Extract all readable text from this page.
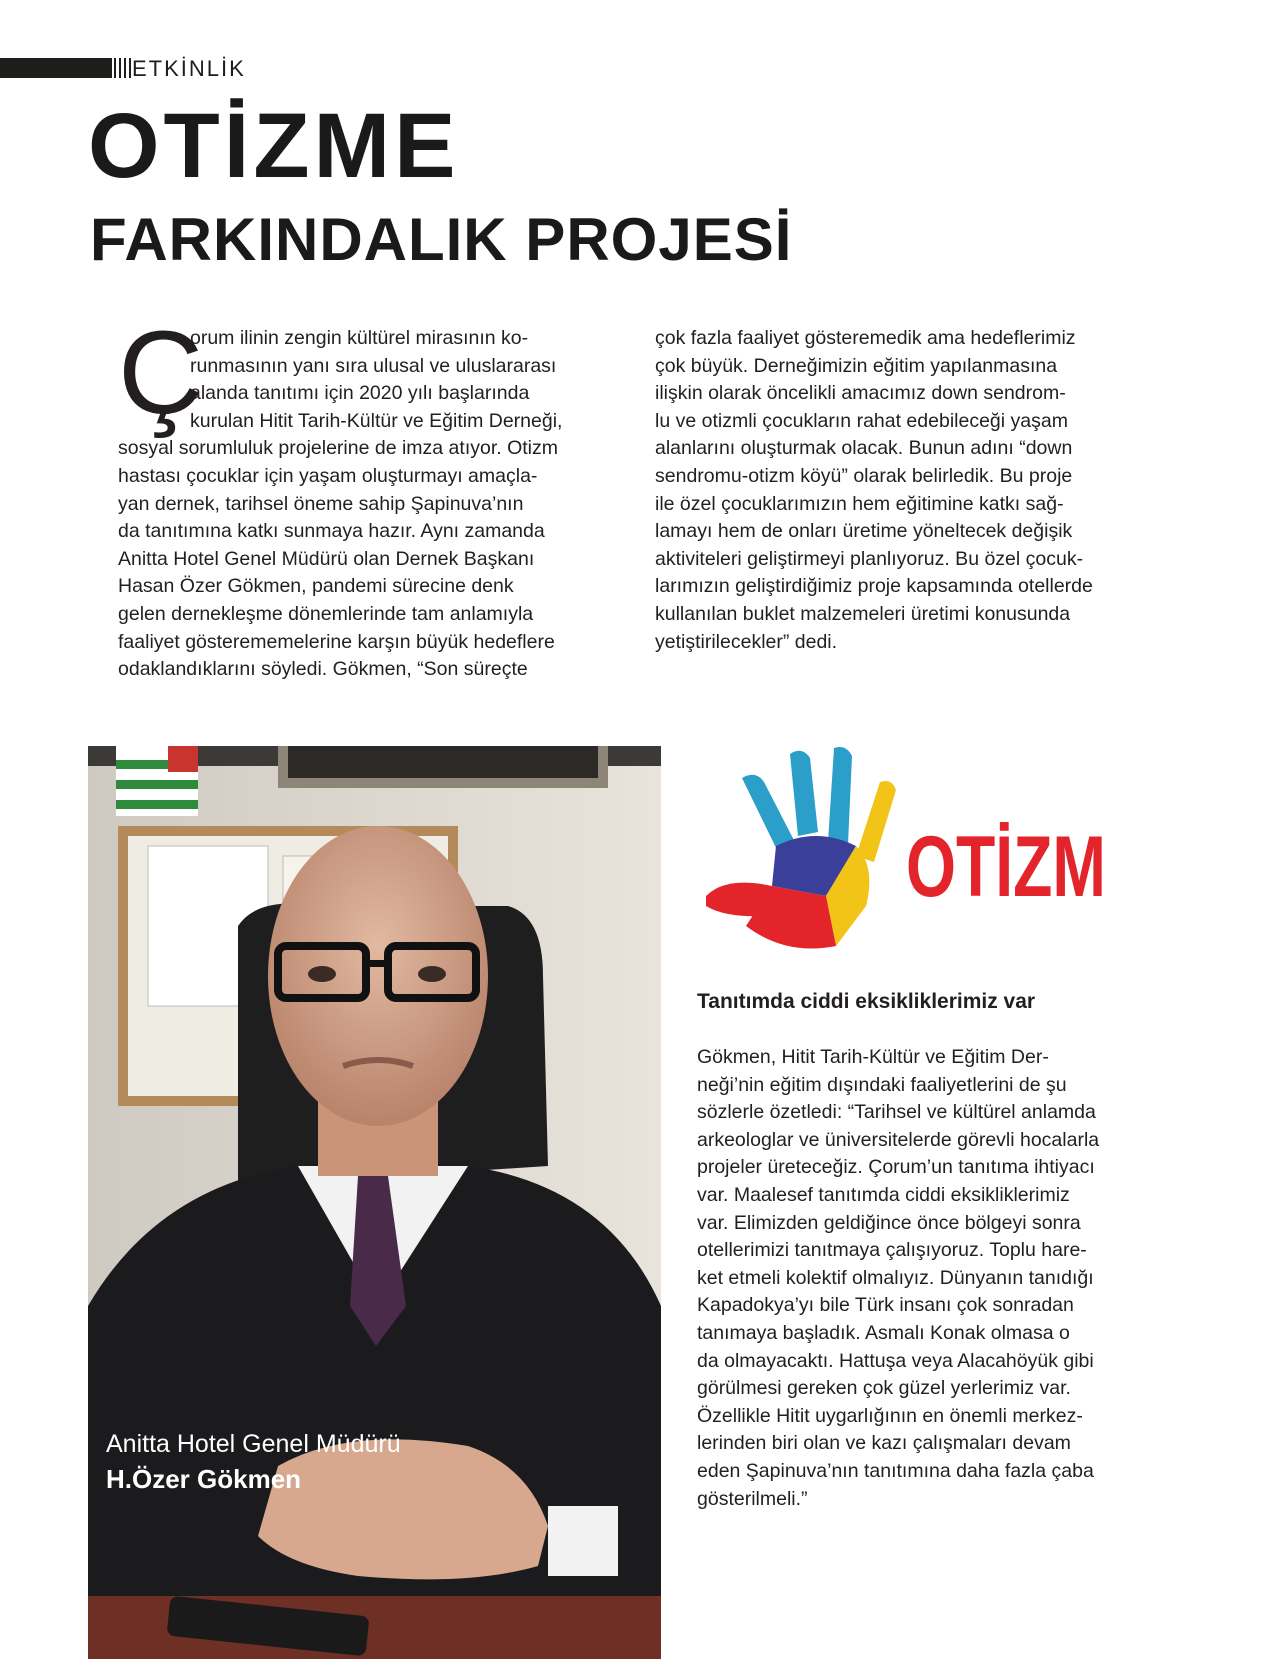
ETKİNLİK
OTİZME
FARKINDALIK PROJESİ
Ç
orum ilinin zengin kültürel mirasının ko-
runmasının yanı sıra ulusal ve uluslararası
alanda tanıtımı için 2020 yılı başlarında
kurulan Hitit Tarih-Kültür ve Eğitim Derneği,
sosyal sorumluluk projelerine de imza atıyor. Otizm
hastası çocuklar için yaşam oluşturmayı amaçla-
yan dernek, tarihsel öneme sahip Şapinuva’nın
da tanıtımına katkı sunmaya hazır. Aynı zamanda
Anitta Hotel Genel Müdürü olan Dernek Başkanı
Hasan Özer Gökmen, pandemi sürecine denk
gelen dernekleşme dönemlerinde tam anlamıyla
faaliyet gösterememelerine karşın büyük hedeflere
odaklandıklarını söyledi. Gökmen, “Son süreçte
çok fazla faaliyet gösteremedik ama hedeflerimiz
çok büyük. Derneğimizin eğitim yapılanmasına
ilişkin olarak öncelikli amacımız down sendrom-
lu ve otizmli çocukların rahat edebileceği yaşam
alanlarını oluşturmak olacak. Bunun adını “down
sendromu-otizm köyü” olarak belirledik. Bu proje
ile özel çocuklarımızın hem eğitimine katkı sağ-
lamayı hem de onları üretime yöneltecek değişik
aktiviteleri geliştirmeyi planlıyoruz. Bu özel çocuk-
larımızın geliştirdiğimiz proje kapsamında otellerde
kullanılan buklet malzemeleri üretimi konusunda
yetiştirilecekler” dedi.
Anitta Hotel Genel Müdürü
H.Özer Gökmen
OTİZM
Tanıtımda ciddi eksikliklerimiz var
Gökmen, Hitit Tarih-Kültür ve Eğitim Der-
neği’nin eğitim dışındaki faaliyetlerini de şu
sözlerle özetledi: “Tarihsel ve kültürel anlamda
arkeologlar ve üniversitelerde görevli hocalarla
projeler üreteceğiz. Çorum’un tanıtıma ihtiyacı
var. Maalesef tanıtımda ciddi eksikliklerimiz
var. Elimizden geldiğince önce bölgeyi sonra
otellerimizi tanıtmaya çalışıyoruz. Toplu hare-
ket etmeli kolektif olmalıyız. Dünyanın tanıdığı
Kapadokya’yı bile Türk insanı çok sonradan
tanımaya başladık. Asmalı Konak olmasa o
da olmayacaktı. Hattuşa veya Alacahöyük gibi
görülmesi gereken çok güzel yerlerimiz var.
Özellikle Hitit uygarlığının en önemli merkez-
lerinden biri olan ve kazı çalışmaları devam
eden Şapinuva’nın tanıtımına daha fazla çaba
gösterilmeli.”
